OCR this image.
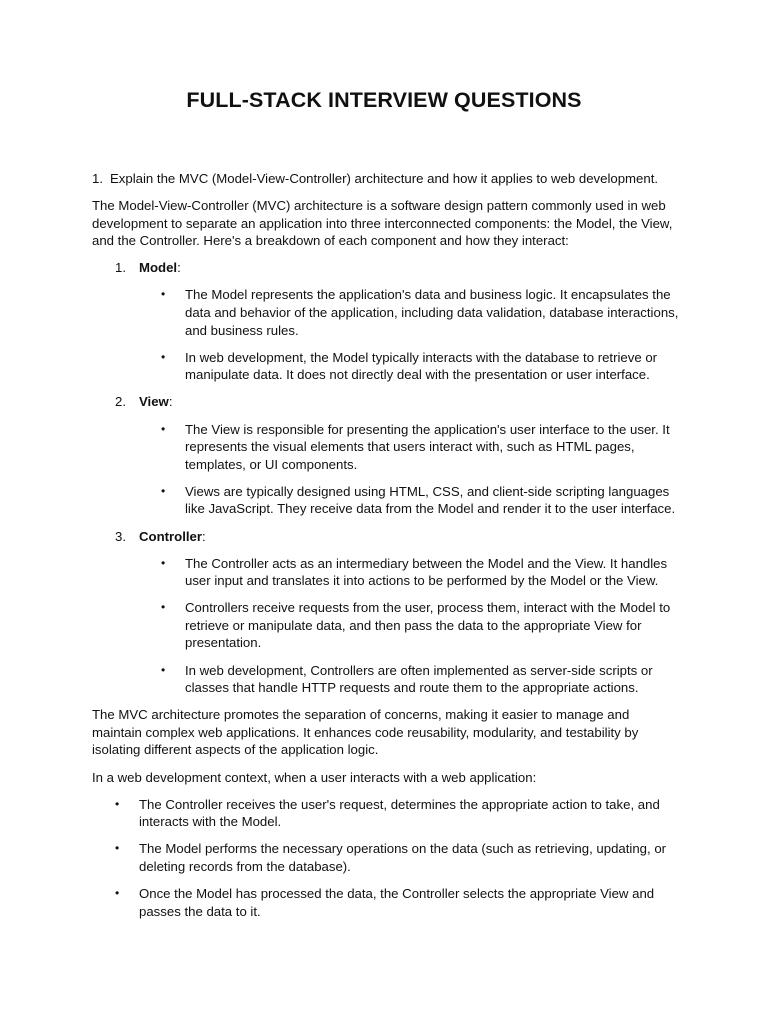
FULL-STACK INTERVIEW QUESTIONS
1. Explain the MVC (Model-View-Controller) architecture and how it applies to web development.

The Model-View-Controller (MVC) architecture is a software design pattern commonly used in web development to separate an application into three interconnected components: the Model, the View, and the Controller. Here's a breakdown of each component and how they interact:

1. Model:
• The Model represents the application's data and business logic. It encapsulates the data and behavior of the application, including data validation, database interactions, and business rules.
• In web development, the Model typically interacts with the database to retrieve or manipulate data. It does not directly deal with the presentation or user interface.
2. View:
• The View is responsible for presenting the application's user interface to the user. It represents the visual elements that users interact with, such as HTML pages, templates, or UI components.
• Views are typically designed using HTML, CSS, and client-side scripting languages like JavaScript. They receive data from the Model and render it to the user interface.
3. Controller:
• The Controller acts as an intermediary between the Model and the View. It handles user input and translates it into actions to be performed by the Model or the View.
• Controllers receive requests from the user, process them, interact with the Model to retrieve or manipulate data, and then pass the data to the appropriate View for presentation.
• In web development, Controllers are often implemented as server-side scripts or classes that handle HTTP requests and route them to the appropriate actions.

The MVC architecture promotes the separation of concerns, making it easier to manage and maintain complex web applications. It enhances code reusability, modularity, and testability by isolating different aspects of the application logic.

In a web development context, when a user interacts with a web application:

• The Controller receives the user's request, determines the appropriate action to take, and interacts with the Model.
• The Model performs the necessary operations on the data (such as retrieving, updating, or deleting records from the database).
• Once the Model has processed the data, the Controller selects the appropriate View and passes the data to it.
